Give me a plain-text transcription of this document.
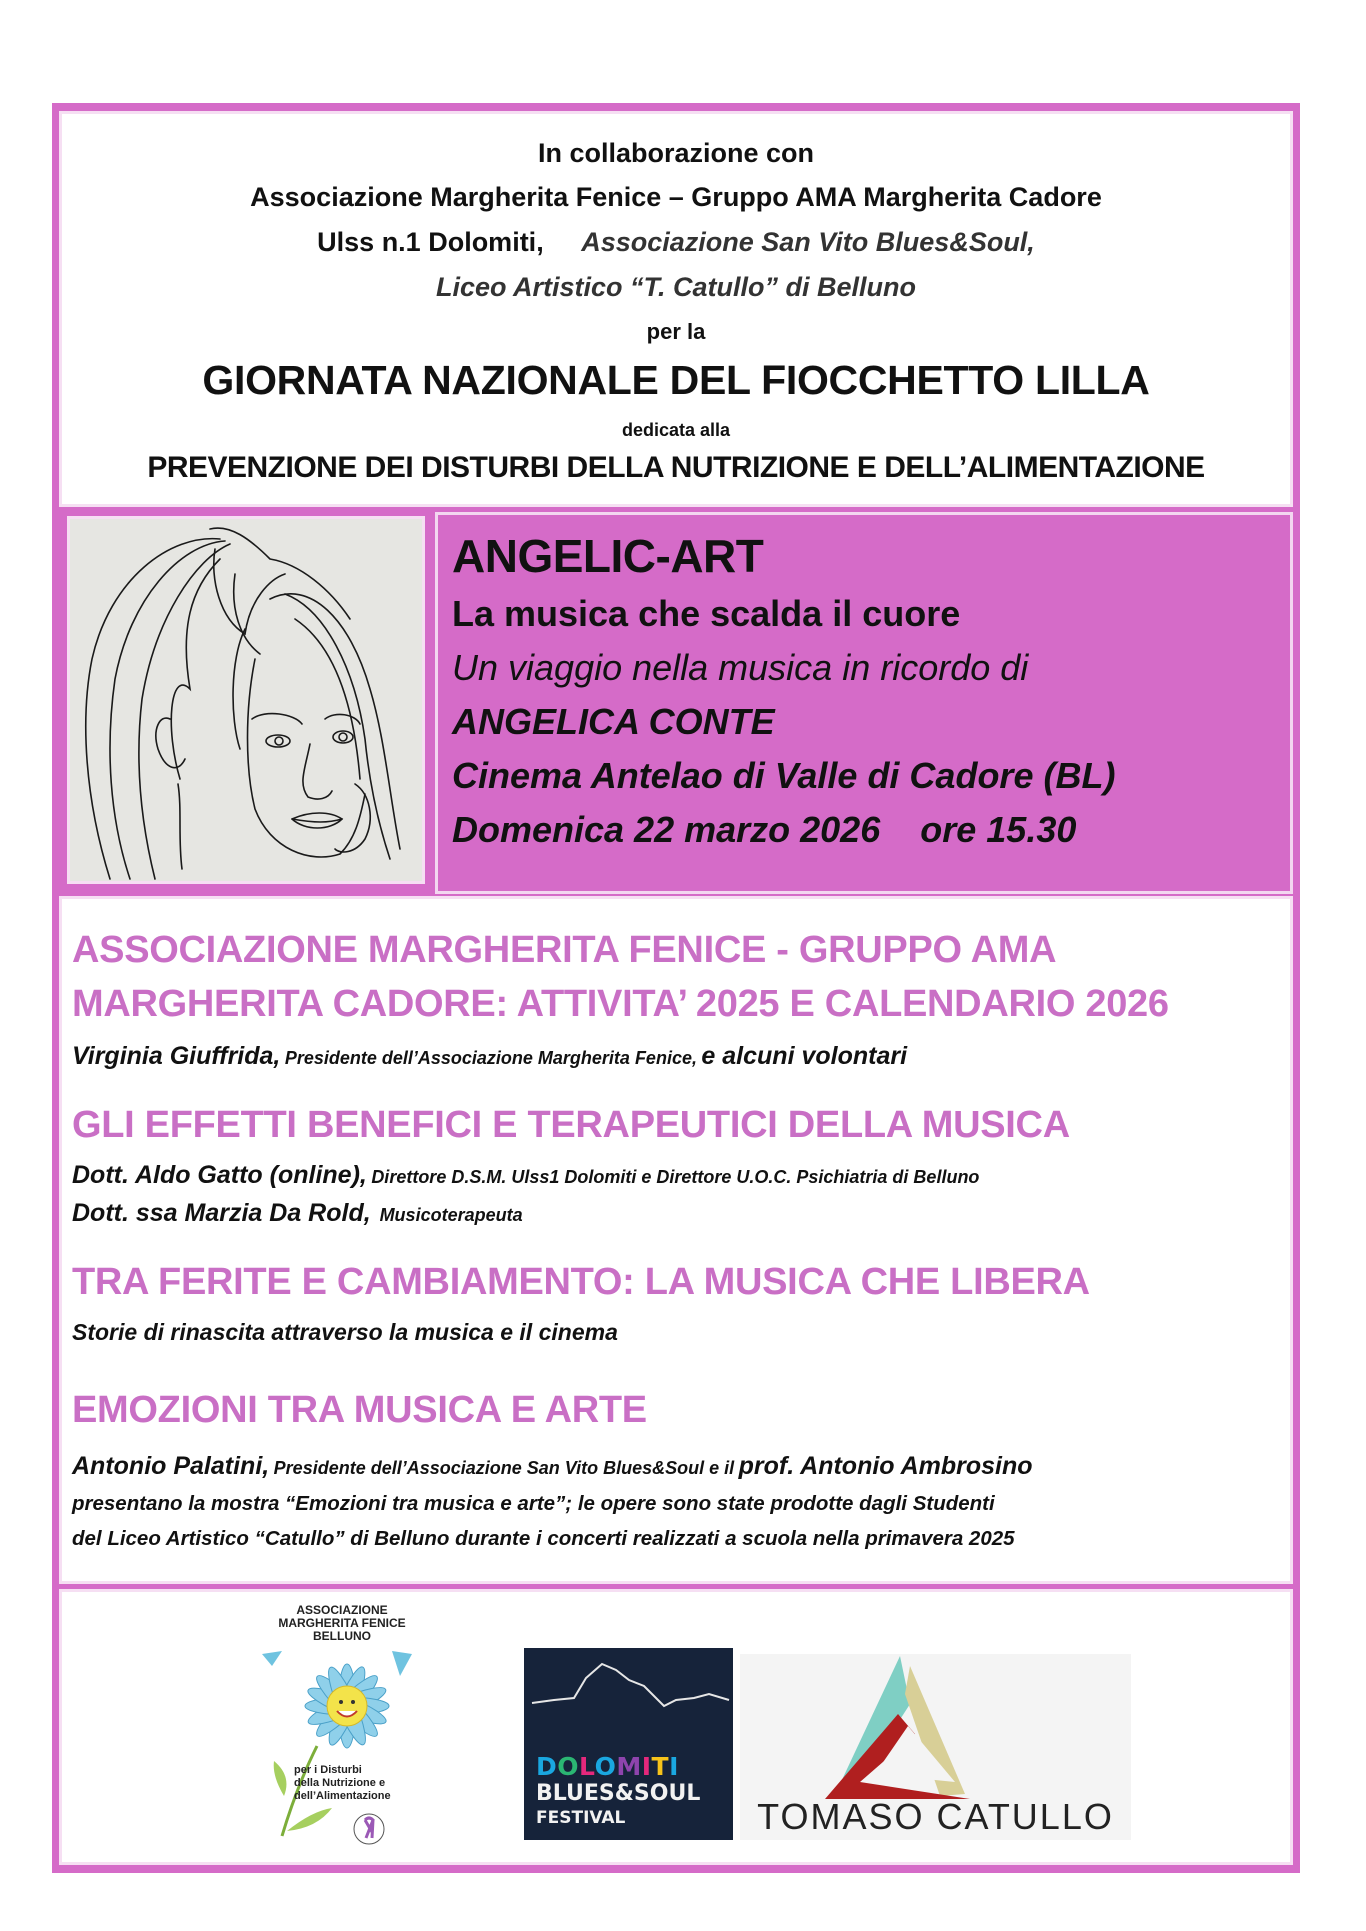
In collaborazione con
Associazione Margherita Fenice – Gruppo AMA Margherita Cadore
Ulss n.1 Dolomiti, Associazione San Vito Blues&Soul,
Liceo Artistico “T. Catullo” di Belluno
per la
GIORNATA NAZIONALE DEL FIOCCHETTO LILLA
dedicata alla
PREVENZIONE DEI DISTURBI DELLA NUTRIZIONE E DELL’ALIMENTAZIONE
ANGELIC-ART
La musica che scalda il cuore
Un viaggio nella musica in ricordo di
ANGELICA CONTE
Cinema Antelao di Valle di Cadore (BL)
Domenica 22 marzo 2026 ore 15.30
ASSOCIAZIONE MARGHERITA FENICE - GRUPPO AMA
MARGHERITA CADORE: ATTIVITA’ 2025 E CALENDARIO 2026
Virginia Giuffrida, Presidente dell’Associazione Margherita Fenice, e alcuni volontari
GLI EFFETTI BENEFICI E TERAPEUTICI DELLA MUSICA
Dott. Aldo Gatto (online), Direttore D.S.M. Ulss1 Dolomiti e Direttore U.O.C. Psichiatria di Belluno
Dott. ssa Marzia Da Rold, Musicoterapeuta
TRA FERITE E CAMBIAMENTO: LA MUSICA CHE LIBERA
Storie di rinascita attraverso la musica e il cinema
EMOZIONI TRA MUSICA E ARTE
Antonio Palatini, Presidente dell’Associazione San Vito Blues&Soul e il prof. Antonio Ambrosino
presentano la mostra “Emozioni tra musica e arte”; le opere sono state prodotte dagli Studenti
del Liceo Artistico “Catullo” di Belluno durante i concerti realizzati a scuola nella primavera 2025
ASSOCIAZIONE
MARGHERITA FENICE
BELLUNO
per i Disturbi
della Nutrizione e
dell’Alimentazione
DOLOMITI
BLUES&SOUL
FESTIVAL	TOMASO CATULLO
